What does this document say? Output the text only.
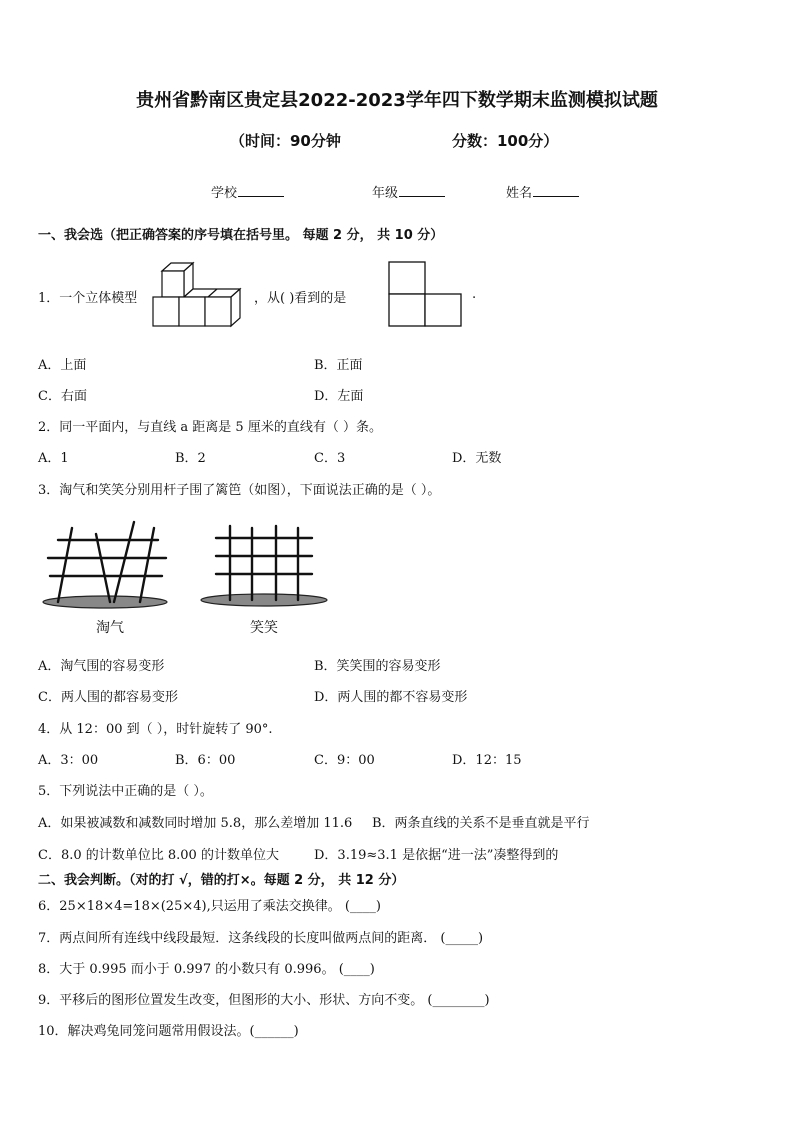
贵州省黔南区贵定县2022-2023学年四下数学期末监测模拟试题
（时间：90分钟	分数：100分）
学校	年级	姓名
一、我会选（把正确答案的序号填在括号里。 每题 2 分， 共 10 分）
1．一个立体模型	，从( )看到的是	.
A．上面	B．正面
C．右面	D．左面
2．同一平面内，与直线 a 距离是 5 厘米的直线有（ ）条。
A．1	B．2	C．3	D．无数
3．淘气和笑笑分别用杆子围了篱笆（如图），下面说法正确的是（ ）。
淘气	笑笑
A．淘气围的容易变形	B．笑笑围的容易变形
C．两人围的都容易变形	D．两人围的都不容易变形
4．从 12：00 到（ ），时针旋转了 90°.
A．3：00	B．6：00	C．9：00	D．12：15
5．下列说法中正确的是（ ）。
A．如果被减数和减数同时增加 5.8，那么差增加 11.6 B．两条直线的关系不是垂直就是平行
C．8.0 的计数单位比 8.00 的计数单位大	D．3.19≈3.1 是依据“进一法”凑整得到的
二、我会判断。（对的打 √，错的打×。每题 2 分， 共 12 分）
6．25×18×4=18×(25×4),只运用了乘法交换律。 (____)
7．两点间所有连线中线段最短．这条线段的长度叫做两点间的距离． (_____)
8．大于 0.995 而小于 0.997 的小数只有 0.996。 (____)
9．平移后的图形位置发生改变，但图形的大小、形状、方向不变。 (________)
10．解决鸡兔同笼问题常用假设法。(______)
